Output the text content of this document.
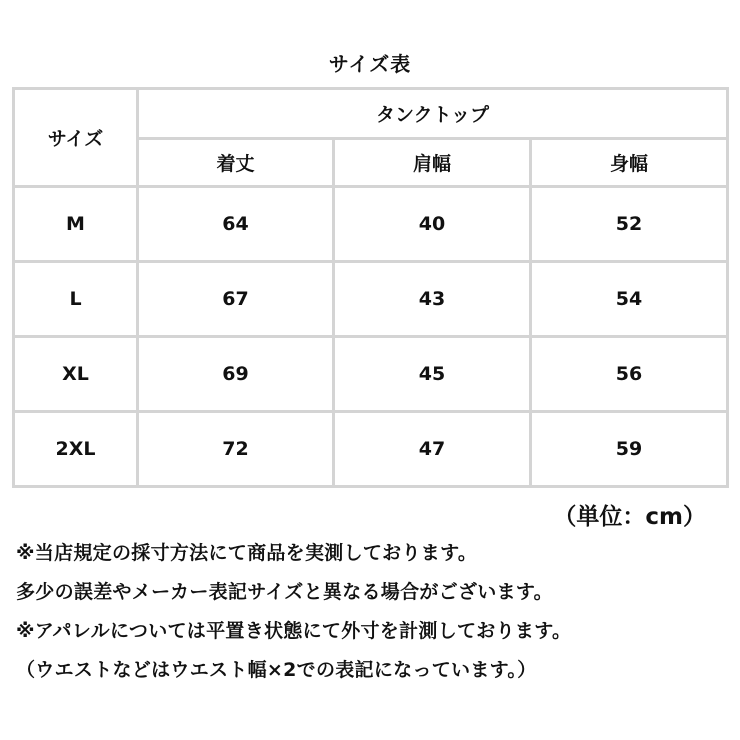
サイズ表
サイズ	タンクトップ		
	着丈	肩幅	身幅
M	64	40	52
L	67	43	54
XL	69	45	56
2XL	72	47	59
（単位：cm）
※当店規定の採寸方法にて商品を実測しております。
多少の誤差やメーカー表記サイズと異なる場合がございます。
※アパレルについては平置き状態にて外寸を計測しております。
（ウエストなどはウエスト幅×2での表記になっています。）
